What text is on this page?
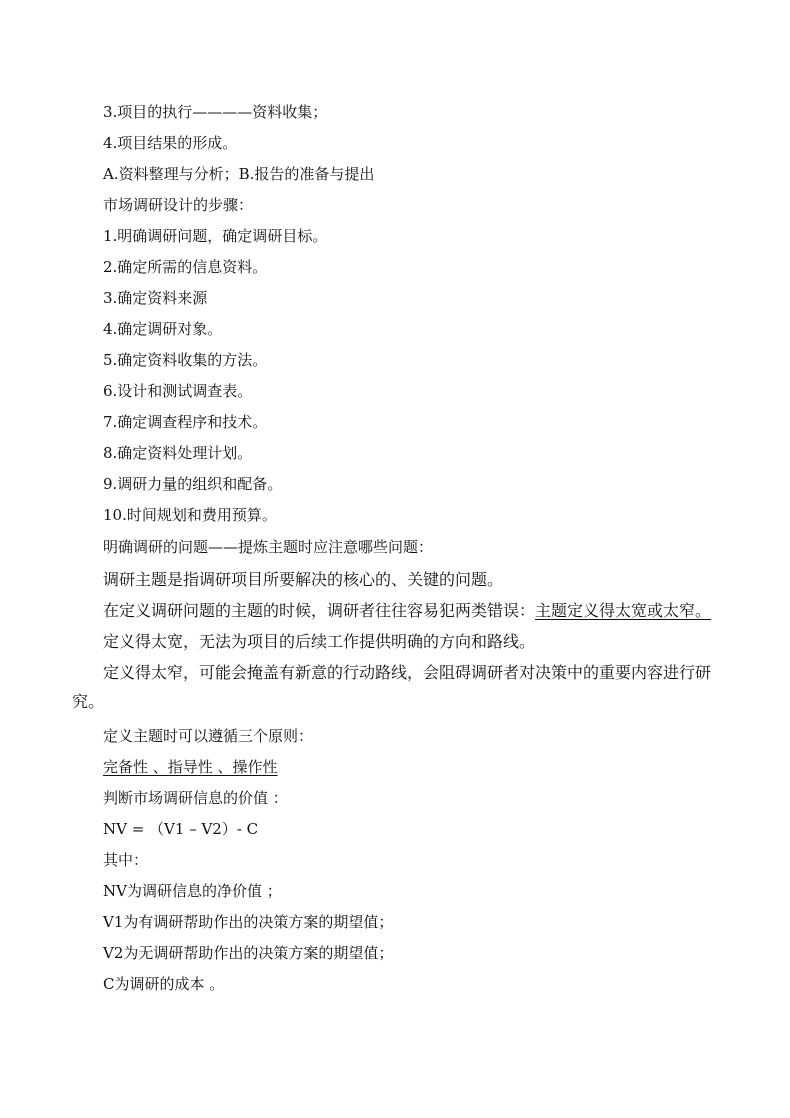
3.项目的执行————资料收集；
4.项目结果的形成。
A.资料整理与分析；B.报告的准备与提出
市场调研设计的步骤：
1.明确调研问题，确定调研目标。
2.确定所需的信息资料。
3.确定资料来源
4.确定调研对象。
5.确定资料收集的方法。
6.设计和测试调查表。
7.确定调查程序和技术。
8.确定资料处理计划。
9.调研力量的组织和配备。
10.时间规划和费用预算。
明确调研的问题——提炼主题时应注意哪些问题：
调研主题是指调研项目所要解决的核心的、关键的问题。
在定义调研问题的主题的时候，调研者往往容易犯两类错误：主题定义得太宽或太窄。
定义得太宽，无法为项目的后续工作提供明确的方向和路线。
定义得太窄，可能会掩盖有新意的行动路线，会阻碍调研者对决策中的重要内容进行研
究。
定义主题时可以遵循三个原则：
完备性 、指导性 、操作性
判断市场调研信息的价值 ：
NV = （V1 – V2）- C
其中：
NV为调研信息的净价值 ；
V1为有调研帮助作出的决策方案的期望值；
V2为无调研帮助作出的决策方案的期望值；
C为调研的成本 。
